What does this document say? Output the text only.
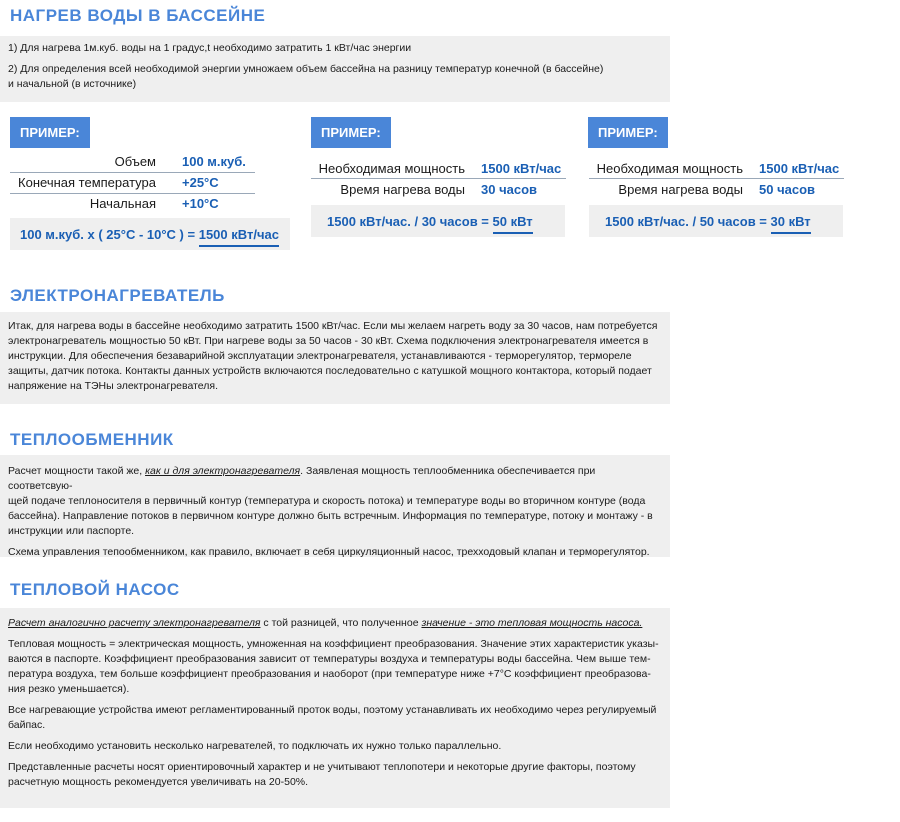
НАГРЕВ ВОДЫ В БАССЕЙНЕ

1) Для нагрева 1м.куб. воды на 1 градус,t необходимо затратить 1 кВт/час энергии

2) Для определения всей необходимой энергии умножаем объем бассейна на разницу температур конечной (в бассейне)

и начальной (в источнике)

ПРИМЕР:
Объем 100 м.куб.
Конечная температура +25°C
Начальная +10°C
100 м.куб. х ( 25°C - 10°C ) = 1500 кВт/час
ПРИМЕР:
Необходимая мощность 1500 кВт/час
Время нагрева воды 30 часов
1500 кВт/час. / 30 часов = 50 кВт
ПРИМЕР:
Необходимая мощность 1500 кВт/час
Время нагрева воды 50 часов
1500 кВт/час. / 50 часов = 30 кВт
ЭЛЕКТРОНАГРЕВАТЕЛЬ

Итак, для нагрева воды в бассейне необходимо затратить 1500 кВт/час. Если мы желаем нагреть воду за 30 часов, нам потребуется

электронагреватель мощностью 50 кВт. При нагреве воды за 50 часов - 30 кВт. Схема подключения электронагревателя имеется в

инструкции. Для обеспечения безаварийной эксплуатации электронагревателя, устанавливаются - терморегулятор, термореле

защиты, датчик потока. Контакты данных устройств включаются последовательно с катушкой мощного контактора, который подает

напряжение на ТЭНы электронагревателя.

ТЕПЛООБМЕННИК

Расчет мощности такой же, как и для электронагревателя. Заявленая мощность теплообменника обеспечивается при соответсвую-

щей подаче теплоносителя в первичный контур (температура и скорость потока) и температуре воды во вторичном контуре (вода

бассейна). Направление потоков в первичном контуре должно быть встречным. Информация по температуре, потоку и монтажу - в

инструкции или паспорте.

Схема управления тепообменником, как правило, включает в себя циркуляционный насос, трехходовый клапан и терморегулятор.

ТЕПЛОВОЙ НАСОС

Расчет аналогично расчету электронагревателя с той разницей, что полученное значение - это тепловая мощность насоса.

Тепловая мощность = электрическая мощность, умноженная на коэффициент преобразования. Значение этих характеристик указы-

ваются в паспорте. Коэффициент преобразования зависит от температуры воздуха и температуры воды бассейна. Чем выше тем-

пература воздуха, тем больше коэффициент преобразования и наоборот (при температуре ниже +7°C коэффициент преобразова-

ния резко уменьшается).

Все нагревающие устройства имеют регламентированный проток воды, поэтому устанавливать их необходимо через регулируемый

байпас.

Если необходимо установить несколько нагревателей, то подключать их нужно только параллельно.

Представленные расчеты носят ориентировочный характер и не учитывают теплопотери и некоторые другие факторы, поэтому

расчетную мощность рекомендуется увеличивать на 20-50%.
